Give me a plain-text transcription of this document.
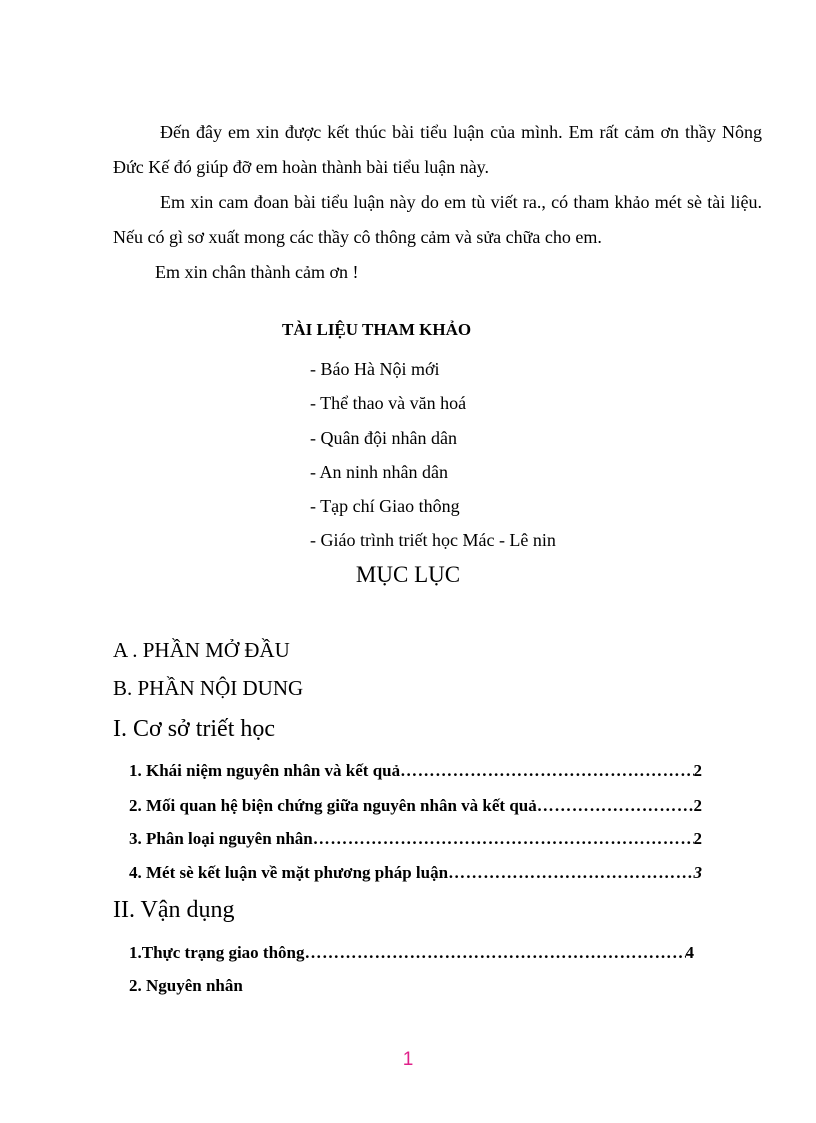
Đến đây em xin được kết thúc bài tiểu luận của mình. Em rất cảm ơn thầy Nông Đức Kế đó giúp đỡ em hoàn thành bài tiểu luận này.

Em xin cam đoan bài tiểu luận này do em tù viết ra., có tham khảo mét sè tài liệu. Nếu có gì sơ xuất mong các thầy cô thông cảm và sửa chữa cho em.

Em xin chân thành cảm ơn !

TÀI LIỆU THAM KHẢO
- Báo Hà Nội mới
- Thể thao và văn hoá
- Quân đội nhân dân
- An ninh nhân dân
- Tạp chí Giao thông
- Giáo trình triết học Mác - Lê nin
MỤC LỤC
A . PHẦN MỞ ĐẦU
B. PHẦN NỘI DUNG
I. Cơ sở triết học
1. Khái niệm nguyên nhân và kết quả …………………………………………………………………………………………………	2
2. Mối quan hệ biện chứng giữa nguyên nhân và kết quả …………………………………………………………………………………………………	2
3. Phân loại nguyên nhân …………………………………………………………………………………………………	2
4. Mét sè kết luận về mặt phương pháp luận …………………………………………………………………………………………………	3
II. Vận dụng
1.Thực trạng giao thông …………………………………………………………………………………………………	4
2. Nguyên nhân
1
